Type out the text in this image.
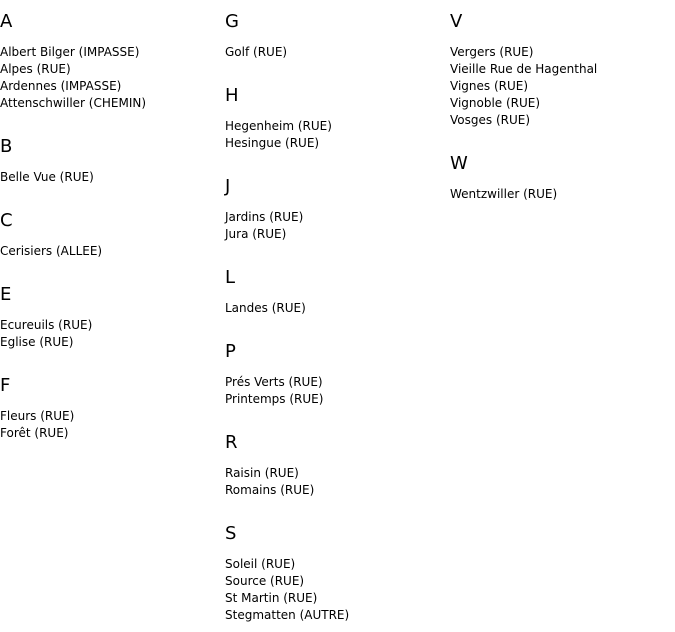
A
Albert Bilger (IMPASSE)
Alpes (RUE)
Ardennes (IMPASSE)
Attenschwiller (CHEMIN)
B
Belle Vue (RUE)
C
Cerisiers (ALLEE)
E
Ecureuils (RUE)
Eglise (RUE)
F
Fleurs (RUE)
Forêt (RUE)
G
Golf (RUE)
H
Hegenheim (RUE)
Hesingue (RUE)
J
Jardins (RUE)
Jura (RUE)
L
Landes (RUE)
P
Prés Verts (RUE)
Printemps (RUE)
R
Raisin (RUE)
Romains (RUE)
S
Soleil (RUE)
Source (RUE)
St Martin (RUE)
Stegmatten (AUTRE)
V
Vergers (RUE)
Vieille Rue de Hagenthal
Vignes (RUE)
Vignoble (RUE)
Vosges (RUE)
W
Wentzwiller (RUE)
